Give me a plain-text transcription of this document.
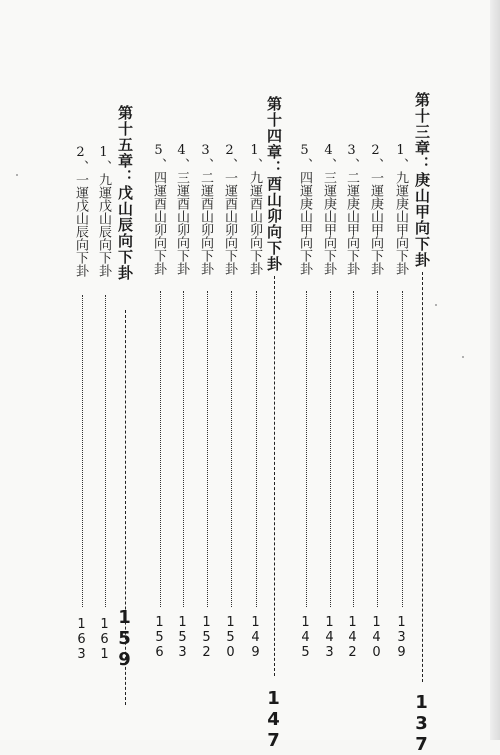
第十三章：庚山甲向下卦
137
1、九運庚山甲向下卦
139
2、一運庚山甲向下卦
140
3、二運庚山甲向下卦
142
4、三運庚山甲向下卦
143
5、四運庚山甲向下卦
145
第十四章：酉山卯向下卦
147
1、九運酉山卯向下卦
149
2、一運酉山卯向下卦
150
3、二運酉山卯向下卦
152
4、三運酉山卯向下卦
153
5、四運酉山卯向下卦
156
第十五章：戊山辰向下卦
159
1、九運戊山辰向下卦
161
2、一運戊山辰向下卦
163
